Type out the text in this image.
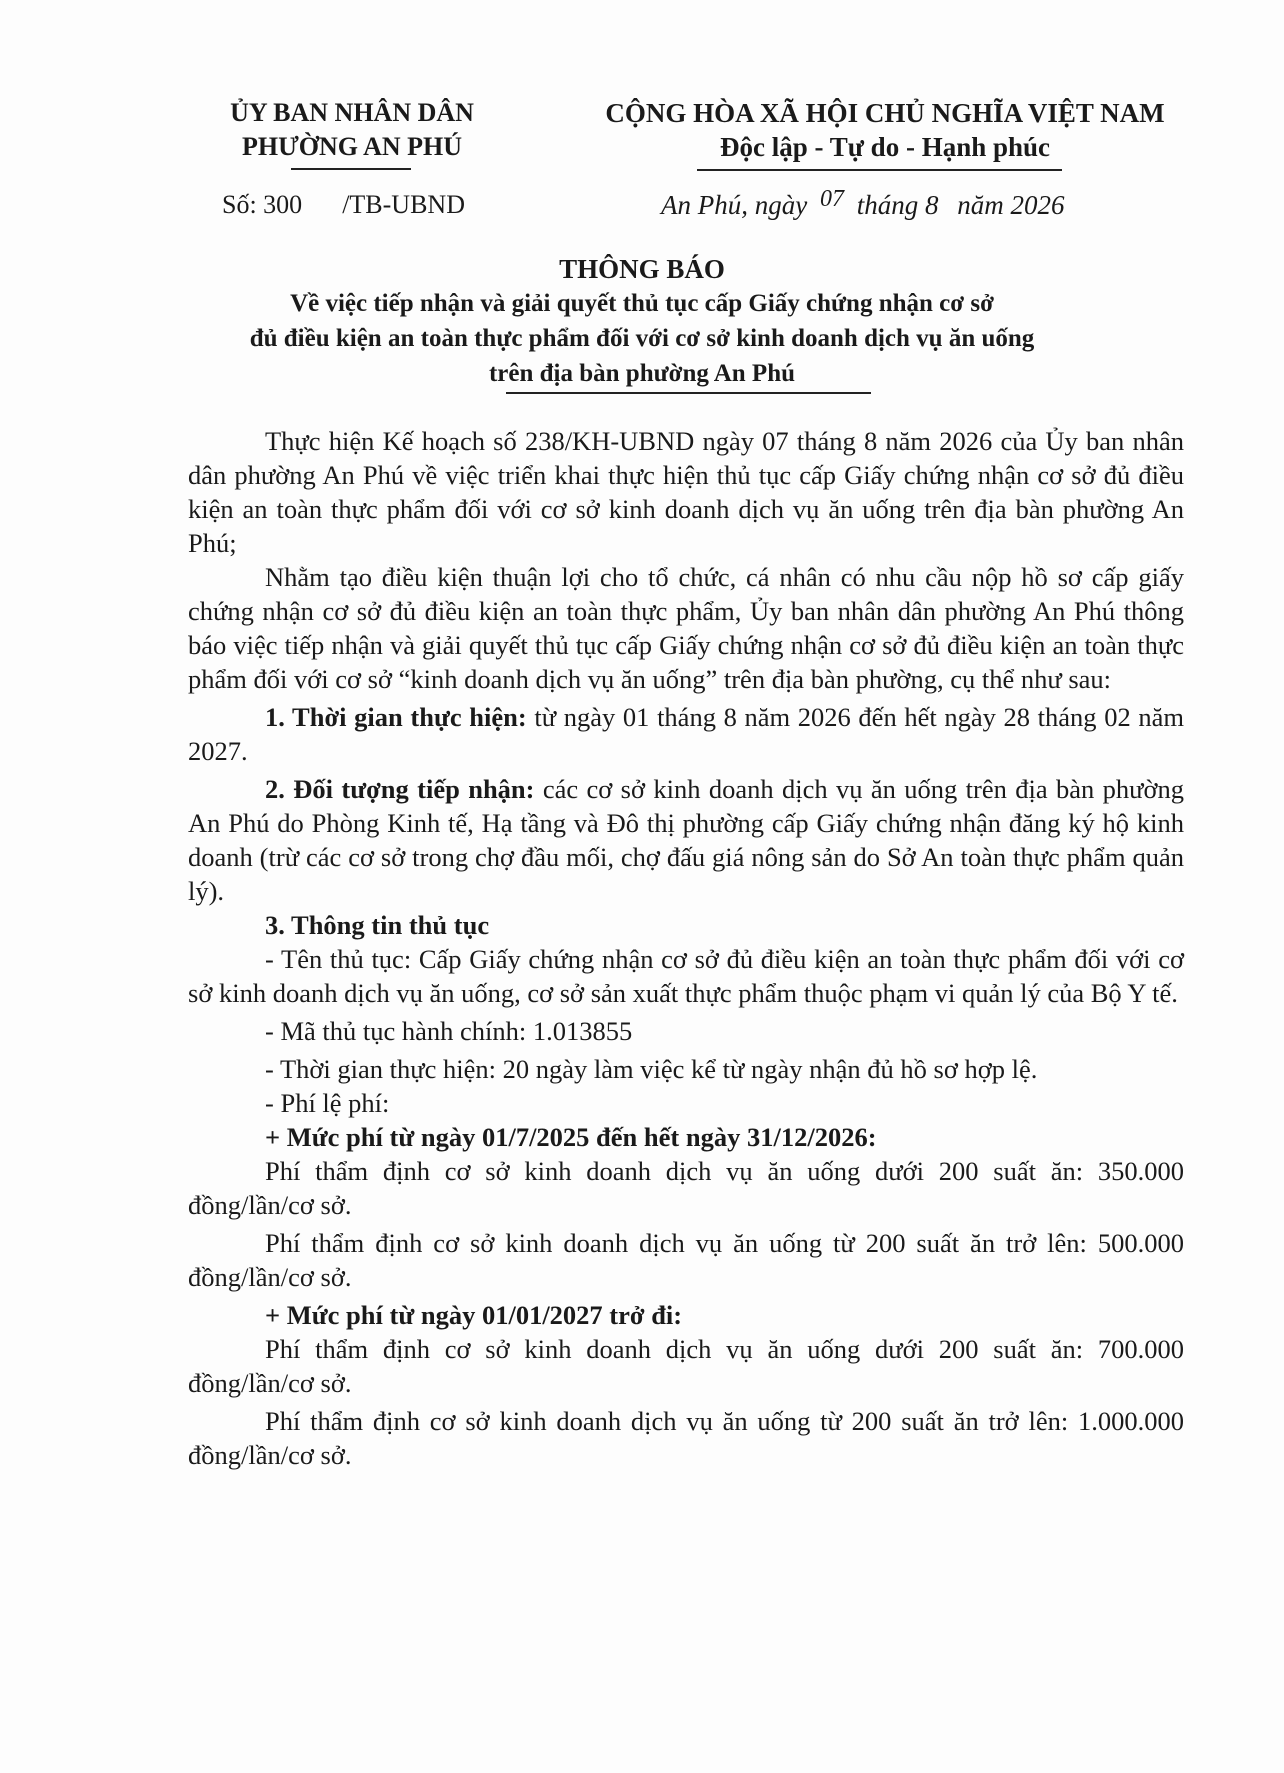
ỦY BAN NHÂN DÂN
PHƯỜNG AN PHÚ
CỘNG HÒA XÃ HỘI CHỦ NGHĨA VIỆT NAM
Độc lập - Tự do - Hạnh phúc
Số: 300 /TB-UBND	An Phú, ngày 07 tháng 8 năm 2026
THÔNG BÁO
Về việc tiếp nhận và giải quyết thủ tục cấp Giấy chứng nhận cơ sở
đủ điều kiện an toàn thực phẩm đối với cơ sở kinh doanh dịch vụ ăn uống
trên địa bàn phường An Phú

Thực hiện Kế hoạch số 238/KH-UBND ngày 07 tháng 8 năm 2026 của Ủy ban nhân dân phường An Phú về việc triển khai thực hiện thủ tục cấp Giấy chứng nhận cơ sở đủ điều kiện an toàn thực phẩm đối với cơ sở kinh doanh dịch vụ ăn uống trên địa bàn phường An Phú;

Nhằm tạo điều kiện thuận lợi cho tổ chức, cá nhân có nhu cầu nộp hồ sơ cấp giấy chứng nhận cơ sở đủ điều kiện an toàn thực phẩm, Ủy ban nhân dân phường An Phú thông báo việc tiếp nhận và giải quyết thủ tục cấp Giấy chứng nhận cơ sở đủ điều kiện an toàn thực phẩm đối với cơ sở “kinh doanh dịch vụ ăn uống” trên địa bàn phường, cụ thể như sau:

1. Thời gian thực hiện: từ ngày 01 tháng 8 năm 2026 đến hết ngày 28 tháng 02 năm 2027.

2. Đối tượng tiếp nhận: các cơ sở kinh doanh dịch vụ ăn uống trên địa bàn phường An Phú do Phòng Kinh tế, Hạ tầng và Đô thị phường cấp Giấy chứng nhận đăng ký hộ kinh doanh (trừ các cơ sở trong chợ đầu mối, chợ đấu giá nông sản do Sở An toàn thực phẩm quản lý).

3. Thông tin thủ tục

- Tên thủ tục: Cấp Giấy chứng nhận cơ sở đủ điều kiện an toàn thực phẩm đối với cơ sở kinh doanh dịch vụ ăn uống, cơ sở sản xuất thực phẩm thuộc phạm vi quản lý của Bộ Y tế.

- Mã thủ tục hành chính: 1.013855

- Thời gian thực hiện: 20 ngày làm việc kể từ ngày nhận đủ hồ sơ hợp lệ.

- Phí lệ phí:

+ Mức phí từ ngày 01/7/2025 đến hết ngày 31/12/2026:

Phí thẩm định cơ sở kinh doanh dịch vụ ăn uống dưới 200 suất ăn: 350.000 đồng/lần/cơ sở.

Phí thẩm định cơ sở kinh doanh dịch vụ ăn uống từ 200 suất ăn trở lên: 500.000 đồng/lần/cơ sở.

+ Mức phí từ ngày 01/01/2027 trở đi:

Phí thẩm định cơ sở kinh doanh dịch vụ ăn uống dưới 200 suất ăn: 700.000 đồng/lần/cơ sở.

Phí thẩm định cơ sở kinh doanh dịch vụ ăn uống từ 200 suất ăn trở lên: 1.000.000 đồng/lần/cơ sở.
